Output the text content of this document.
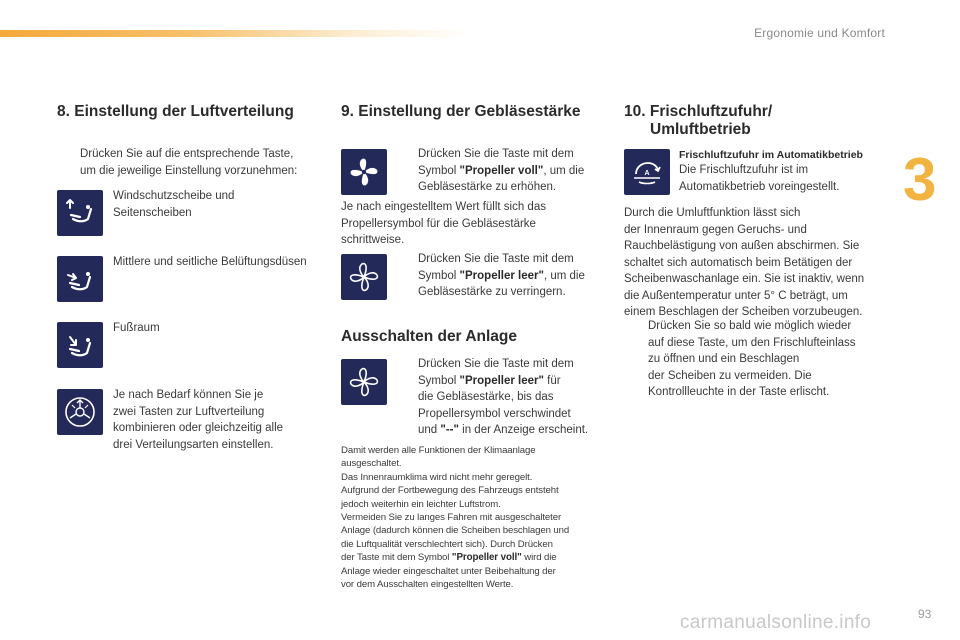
Ergonomie und Komfort
3
8. Einstellung der Luftverteilung
Drücken Sie auf die entsprechende Taste,
um die jeweilige Einstellung vorzunehmen:
Windschutzscheibe und
Seitenscheiben
Mittlere und seitliche Belüftungsdüsen
Fußraum
Je nach Bedarf können Sie je
zwei Tasten zur Luftverteilung
kombinieren oder gleichzeitig alle
drei Verteilungsarten einstellen.
9. Einstellung der Gebläsestärke
Drücken Sie die Taste mit dem
Symbol "Propeller voll", um die
Gebläsestärke zu erhöhen.
Je nach eingestelltem Wert füllt sich das
Propellersymbol für die Gebläsestärke
schrittweise.
Drücken Sie die Taste mit dem
Symbol "Propeller leer", um die
Gebläsestärke zu verringern.
Ausschalten der Anlage
Drücken Sie die Taste mit dem
Symbol "Propeller leer" für
die Gebläsestärke, bis das
Propellersymbol verschwindet
und "--" in der Anzeige erscheint.
Damit werden alle Funktionen der Klimaanlage
ausgeschaltet.
Das Innenraumklima wird nicht mehr geregelt.
Aufgrund der Fortbewegung des Fahrzeugs entsteht
jedoch weiterhin ein leichter Luftstrom.
Vermeiden Sie zu langes Fahren mit ausgeschalteter
Anlage (dadurch können die Scheiben beschlagen und
die Luftqualität verschlechtert sich). Durch Drücken
der Taste mit dem Symbol "Propeller voll" wird die
Anlage wieder eingeschaltet unter Beibehaltung der
vor dem Ausschalten eingestellten Werte.
10. Frischluftzufuhr/
Umluftbetrieb
A
Frischluftzufuhr im Automatikbetrieb
Die Frischluftzufuhr ist im
Automatikbetrieb voreingestellt.
Durch die Umluftfunktion lässt sich
der Innenraum gegen Geruchs- und
Rauchbelästigung von außen abschirmen. Sie
schaltet sich automatisch beim Betätigen der
Scheibenwaschanlage ein. Sie ist inaktiv, wenn
die Außentemperatur unter 5° C beträgt, um
einem Beschlagen der Scheiben vorzubeugen.
Drücken Sie so bald wie möglich wieder
auf diese Taste, um den Frischlufteinlass
zu öffnen und ein Beschlagen
der Scheiben zu vermeiden. Die
Kontrollleuchte in der Taste erlischt.
carmanualsonline.info	93
